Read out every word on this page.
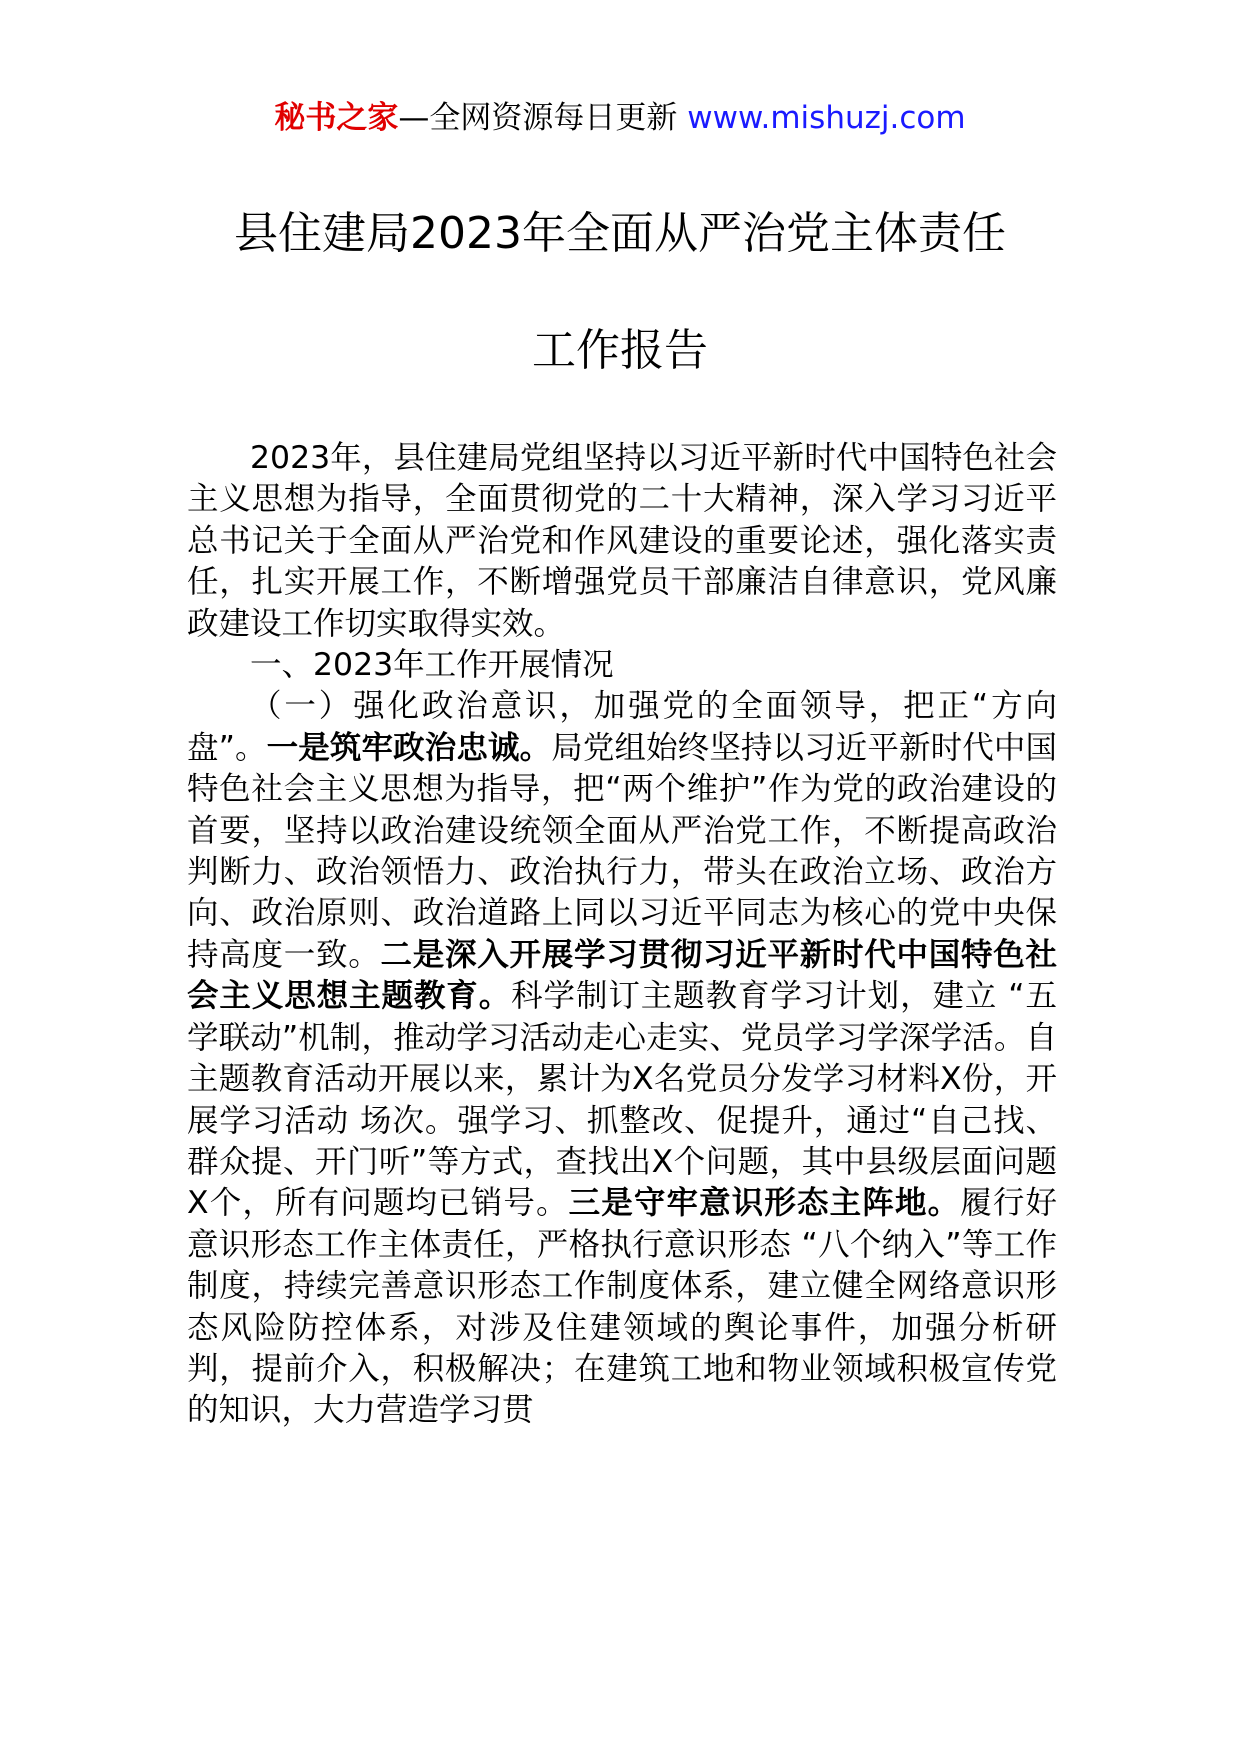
秘书之家—全网资源每日更新 www.mishuzj.com
县住建局2023年全面从严治党主体责任
工作报告

2023年，县住建局党组坚持以习近平新时代中国特色社会主义思想为指导，全面贯彻党的二十大精神，深入学习习近平总书记关于全面从严治党和作风建设的重要论述，强化落实责任，扎实开展工作，不断增强党员干部廉洁自律意识，党风廉政建设工作切实取得实效。

一、2023年工作开展情况

（一）强化政治意识，加强党的全面领导，把正“方向盘”。一是筑牢政治忠诚。局党组始终坚持以习近平新时代中国特色社会主义思想为指导，把“两个维护”作为党的政治建设的首要，坚持以政治建设统领全面从严治党工作，不断提高政治判断力、政治领悟力、政治执行力，带头在政治立场、政治方向、政治原则、政治道路上同以习近平同志为核心的党中央保持高度一致。二是深入开展学习贯彻习近平新时代中国特色社会主义思想主题教育。科学制订主题教育学习计划，建立 “五学联动”机制，推动学习活动走心走实、党员学习学深学活。自主题教育活动开展以来，累计为X名党员分发学习材料X份，开展学习活动 场次。强学习、抓整改、促提升，通过“自己找、群众提、开门听”等方式，查找出X个问题，其中县级层面问题X个，所有问题均已销号。三是守牢意识形态主阵地。履行好意识形态工作主体责任，严格执行意识形态 “八个纳入”等工作制度，持续完善意识形态工作制度体系，建立健全网络意识形态风险防控体系，对涉及住建领域的舆论事件，加强分析研判，提前介入，积极解决；在建筑工地和物业领域积极宣传党的知识，大力营造学习贯
